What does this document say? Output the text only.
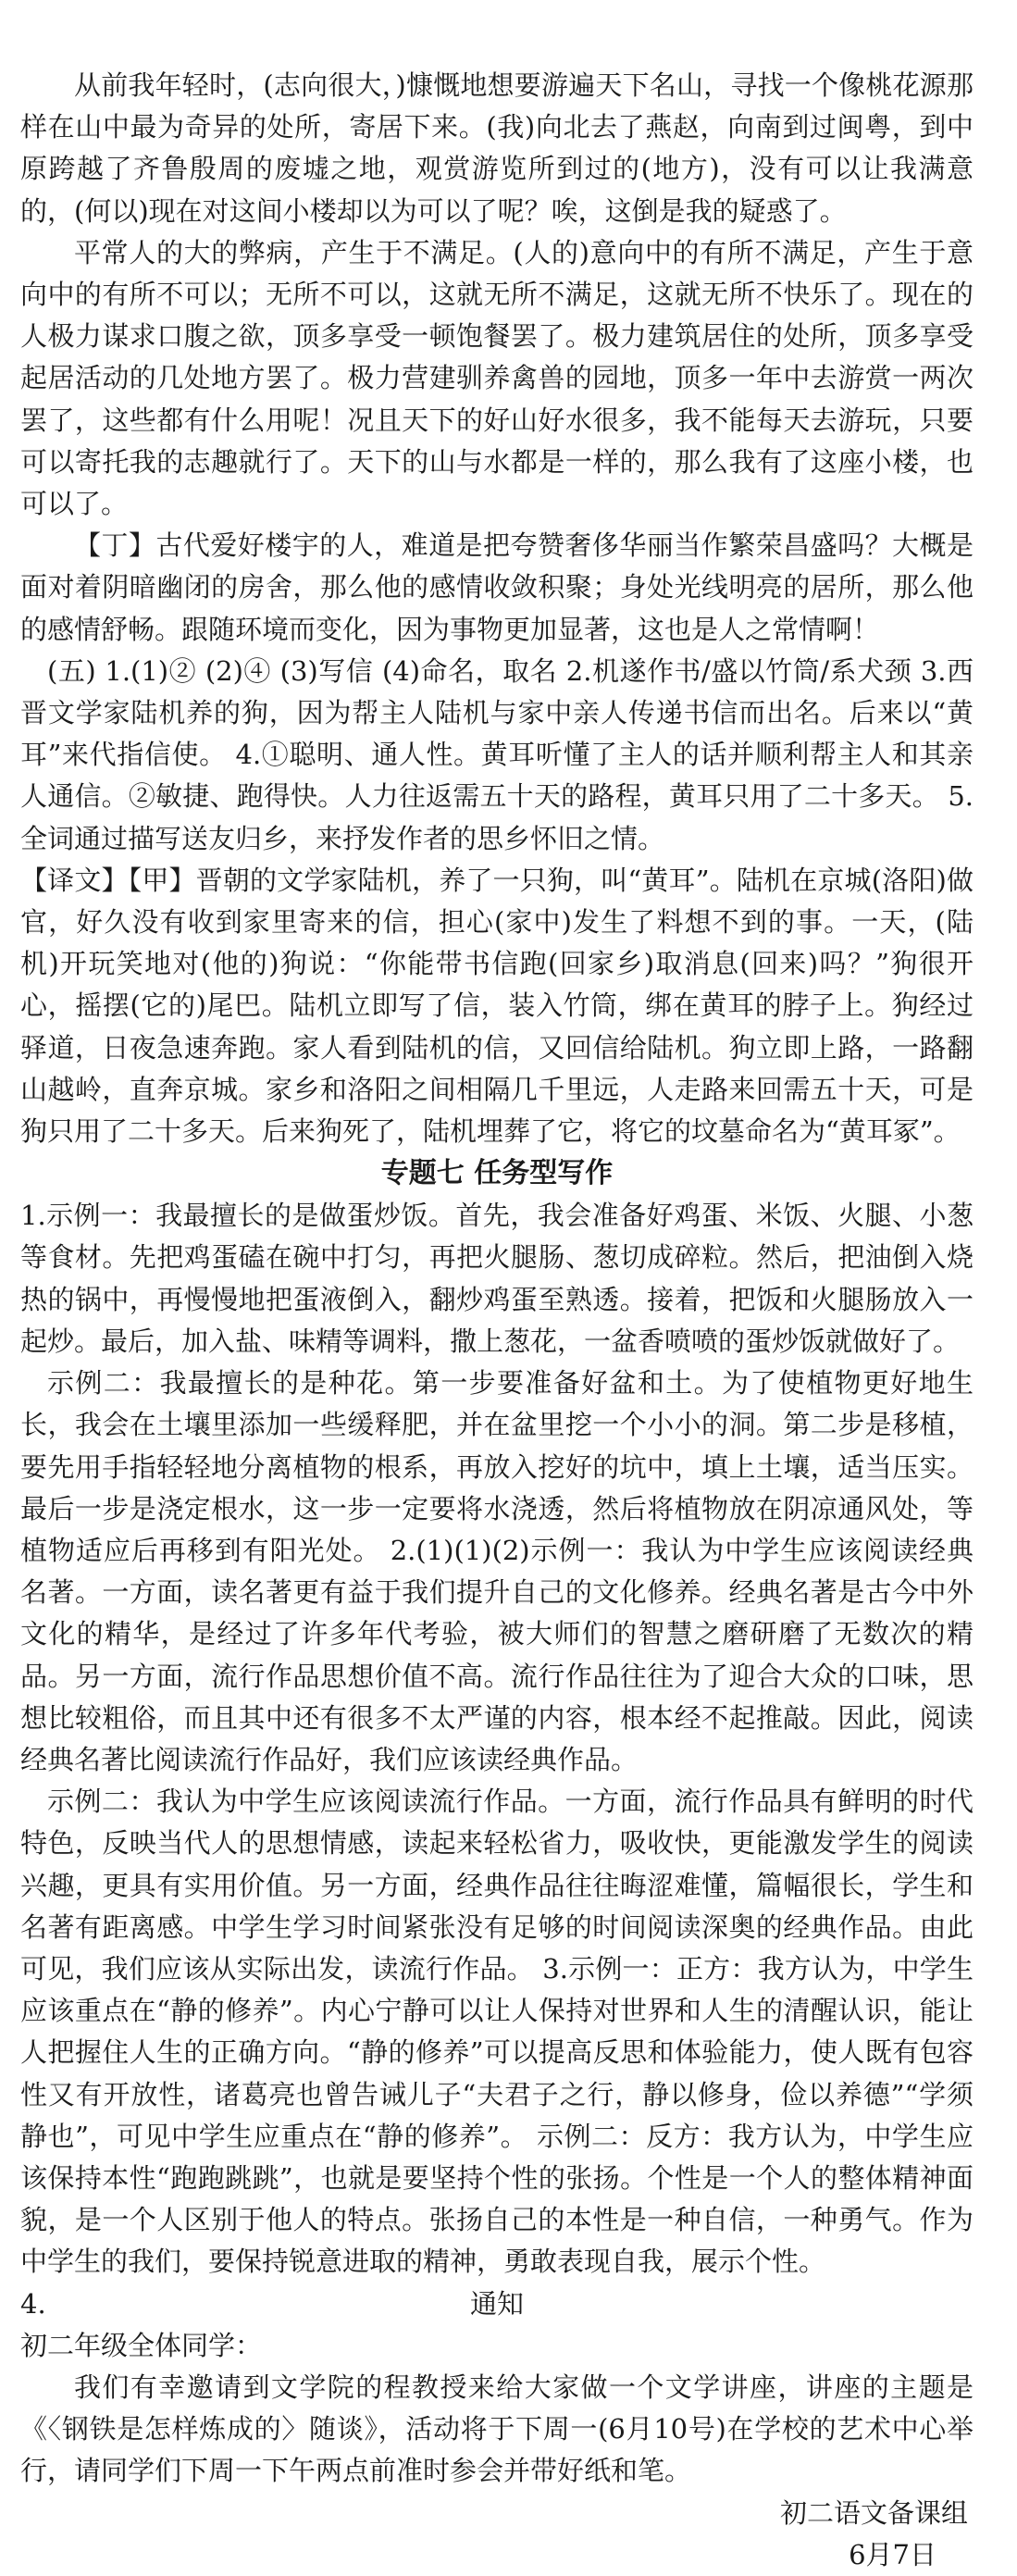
从前我年轻时，(志向很大，)慷慨地想要游遍天下名山，寻找一个像桃花源那样在山中最为奇异的处所，寄居下来。(我)向北去了燕赵，向南到过闽粤，到中原跨越了齐鲁殷周的废墟之地，观赏游览所到过的(地方)，没有可以让我满意的，(何以)现在对这间小楼却以为可以了呢？唉，这倒是我的疑惑了。

平常人的大的弊病，产生于不满足。(人的)意向中的有所不满足，产生于意向中的有所不可以；无所不可以，这就无所不满足，这就无所不快乐了。现在的人极力谋求口腹之欲，顶多享受一顿饱餐罢了。极力建筑居住的处所，顶多享受起居活动的几处地方罢了。极力营建驯养禽兽的园地，顶多一年中去游赏一两次罢了，这些都有什么用呢！况且天下的好山好水很多，我不能每天去游玩，只要可以寄托我的志趣就行了。天下的山与水都是一样的，那么我有了这座小楼，也可以了。

【丁】古代爱好楼宇的人，难道是把夸赞奢侈华丽当作繁荣昌盛吗？大概是面对着阴暗幽闭的房舍，那么他的感情收敛积聚；身处光线明亮的居所，那么他的感情舒畅。跟随环境而变化，因为事物更加显著，这也是人之常情啊！

(五) 1.(1)② (2)④ (3)写信 (4)命名，取名 2.机遂作书/盛以竹筒/系犬颈 3.西晋文学家陆机养的狗，因为帮主人陆机与家中亲人传递书信而出名。后来以“黄耳”来代指信使。 4.①聪明、通人性。黄耳听懂了主人的话并顺利帮主人和其亲人通信。②敏捷、跑得快。人力往返需五十天的路程，黄耳只用了二十多天。 5.全词通过描写送友归乡，来抒发作者的思乡怀旧之情。

【译文】【甲】晋朝的文学家陆机，养了一只狗，叫“黄耳”。陆机在京城(洛阳)做官，好久没有收到家里寄来的信，担心(家中)发生了料想不到的事。一天，(陆机)开玩笑地对(他的)狗说：“你能带书信跑(回家乡)取消息(回来)吗？”狗很开心，摇摆(它的)尾巴。陆机立即写了信，装入竹筒，绑在黄耳的脖子上。狗经过驿道，日夜急速奔跑。家人看到陆机的信，又回信给陆机。狗立即上路，一路翻山越岭，直奔京城。家乡和洛阳之间相隔几千里远，人走路来回需五十天，可是狗只用了二十多天。后来狗死了，陆机埋葬了它，将它的坟墓命名为“黄耳冢”。

专题七 任务型写作

1.示例一：我最擅长的是做蛋炒饭。首先，我会准备好鸡蛋、米饭、火腿、小葱等食材。先把鸡蛋磕在碗中打匀，再把火腿肠、葱切成碎粒。然后，把油倒入烧热的锅中，再慢慢地把蛋液倒入，翻炒鸡蛋至熟透。接着，把饭和火腿肠放入一起炒。最后，加入盐、味精等调料，撒上葱花，一盆香喷喷的蛋炒饭就做好了。

示例二：我最擅长的是种花。第一步要准备好盆和土。为了使植物更好地生长，我会在土壤里添加一些缓释肥，并在盆里挖一个小小的洞。第二步是移植，要先用手指轻轻地分离植物的根系，再放入挖好的坑中，填上土壤，适当压实。最后一步是浇定根水，这一步一定要将水浇透，然后将植物放在阴凉通风处，等植物适应后再移到有阳光处。 2.(1)(1)(2)示例一：我认为中学生应该阅读经典名著。一方面，读名著更有益于我们提升自己的文化修养。经典名著是古今中外文化的精华，是经过了许多年代考验，被大师们的智慧之磨研磨了无数次的精品。另一方面，流行作品思想价值不高。流行作品往往为了迎合大众的口味，思想比较粗俗，而且其中还有很多不太严谨的内容，根本经不起推敲。因此，阅读经典名著比阅读流行作品好，我们应该读经典作品。

示例二：我认为中学生应该阅读流行作品。一方面，流行作品具有鲜明的时代特色，反映当代人的思想情感，读起来轻松省力，吸收快，更能激发学生的阅读兴趣，更具有实用价值。另一方面，经典作品往往晦涩难懂，篇幅很长，学生和名著有距离感。中学生学习时间紧张没有足够的时间阅读深奥的经典作品。由此可见，我们应该从实际出发，读流行作品。 3.示例一：正方：我方认为，中学生应该重点在“静的修养”。内心宁静可以让人保持对世界和人生的清醒认识，能让人把握住人生的正确方向。“静的修养”可以提高反思和体验能力，使人既有包容性又有开放性，诸葛亮也曾告诫儿子“夫君子之行，静以修身，俭以养德”“学须静也”，可见中学生应重点在“静的修养”。 示例二：反方：我方认为，中学生应该保持本性“跑跑跳跳”，也就是要坚持个性的张扬。个性是一个人的整体精神面貌，是一个人区别于他人的特点。张扬自己的本性是一种自信，一种勇气。作为中学生的我们，要保持锐意进取的精神，勇敢表现自我，展示个性。

4.	通知

初二年级全体同学：

我们有幸邀请到文学院的程教授来给大家做一个文学讲座，讲座的主题是《〈钢铁是怎样炼成的〉随谈》，活动将于下周一(6月10号)在学校的艺术中心举行，请同学们下周一下午两点前准时参会并带好纸和笔。

初二语文备课组

6月7日
